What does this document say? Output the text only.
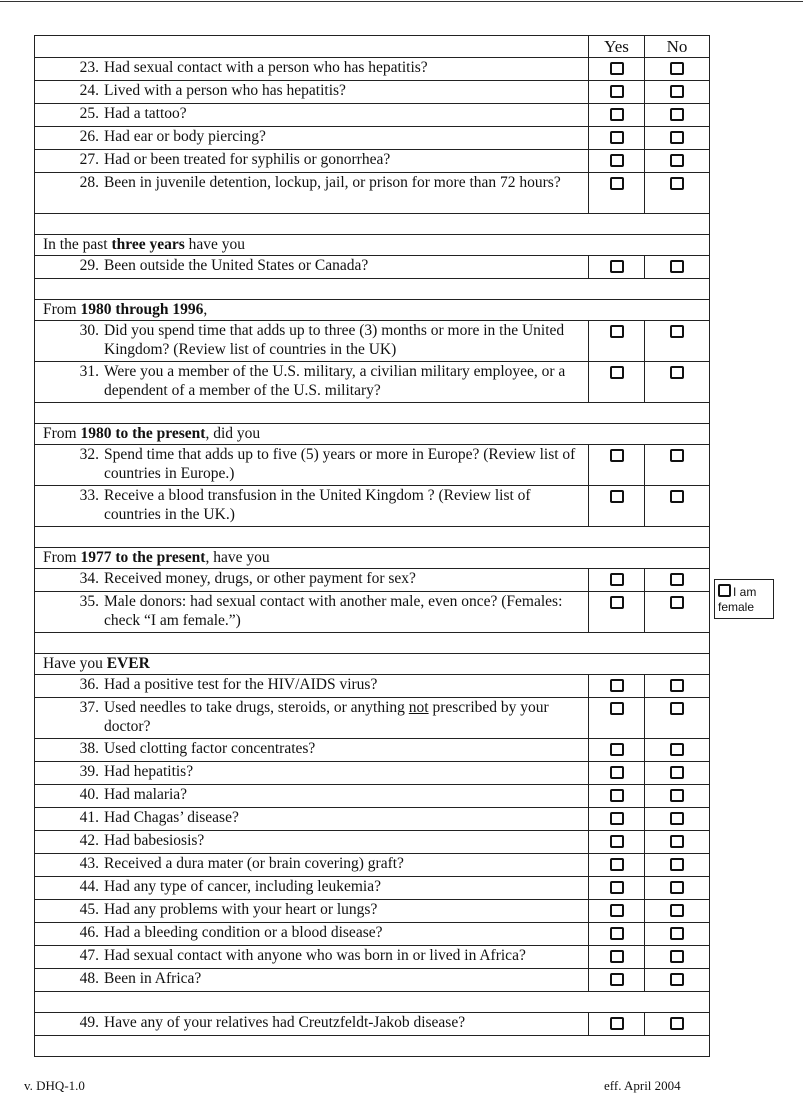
	Yes	No

23. Had sexual contact with a person who has hepatitis?		

24. Lived with a person who has hepatitis?		

25. Had a tattoo?		

26. Had ear or body piercing?		

27. Had or been treated for syphilis or gonorrhea?		

28. Been in juvenile detention, lockup, jail, or prison for more than 72 hours?		

In the past three years have you		

29. Been outside the United States or Canada?		

From 1980 through 1996,		

30. Did you spend time that adds up to three (3) months or more in the United Kingdom? (Review list of countries in the UK)		

31. Were you a member of the U.S. military, a civilian military employee, or a dependent of a member of the U.S. military?		

From 1980 to the present, did you		

32. Spend time that adds up to five (5) years or more in Europe? (Review list of countries in Europe.)		

33. Receive a blood transfusion in the United Kingdom ? (Review list of countries in the UK.)		

From 1977 to the present, have you		

34. Received money, drugs, or other payment for sex?		

35. Male donors: had sexual contact with another male, even once? (Females: check “I am female.”)		

Have you EVER		

36. Had a positive test for the HIV/AIDS virus?		

37. Used needles to take drugs, steroids, or anything not prescribed by your doctor?		

38. Used clotting factor concentrates?		

39. Had hepatitis?		

40. Had malaria?		

41. Had Chagas’ disease?		

42. Had babesiosis?		

43. Received a dura mater (or brain covering) graft?		

44. Had any type of cancer, including leukemia?		

45. Had any problems with your heart or lungs?		

46. Had a bleeding condition or a blood disease?		

47. Had sexual contact with anyone who was born in or lived in Africa?		

48. Been in Africa?		

49. Have any of your relatives had Creutzfeldt-Jakob disease?		

I am female
v. DHQ-1.0	eff. April 2004
